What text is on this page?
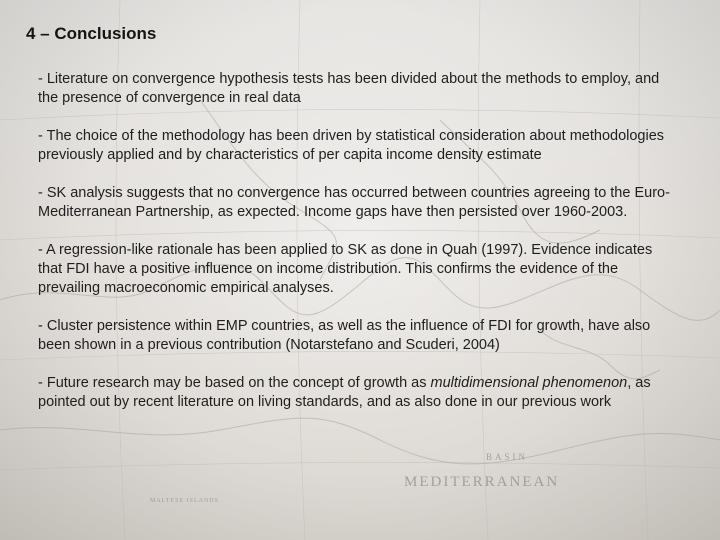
BASIN
MEDITERRANEAN
MALTESE ISLANDS
4 – Conclusions

- Literature on convergence hypothesis tests has been divided about the methods to employ, and the presence of convergence in real data

- The choice of the methodology has been driven by statistical consideration about methodologies previously applied and by characteristics of per capita income density estimate

- SK analysis suggests that no convergence has occurred between countries agreeing to the Euro-Mediterranean Partnership, as expected. Income gaps have then persisted over 1960-2003.

- A regression-like rationale has been applied to SK as done in Quah (1997). Evidence indicates that FDI have a positive influence on income distribution. This confirms the evidence of the prevailing macroeconomic empirical analyses.

- Cluster persistence within EMP countries, as well as the influence of FDI for growth, have also been shown in a previous contribution (Notarstefano and Scuderi, 2004)

- Future research may be based on the concept of growth as multidimensional phenomenon, as pointed out by recent literature on living standards, and as also done in our previous work
